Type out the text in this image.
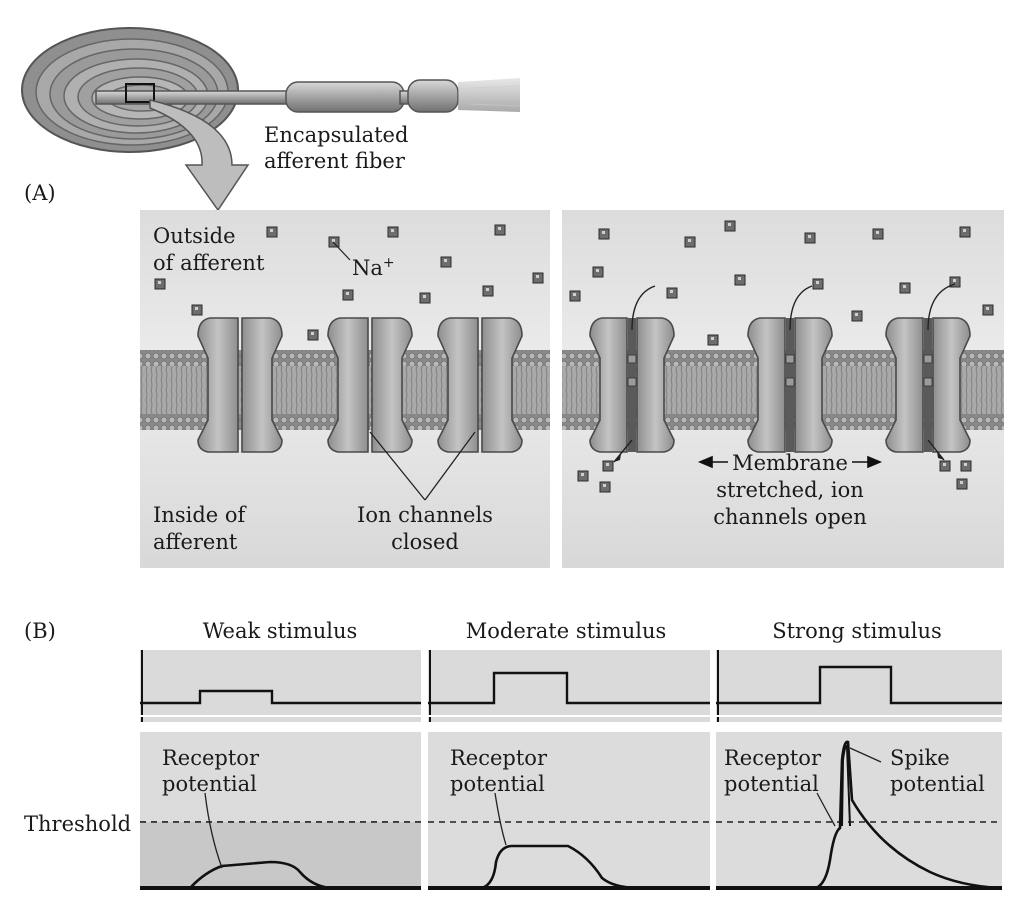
Encapsulated
afferent fiber
(A)
Outside
of afferent	Na+
Inside of
afferent
Ion channels
closed
Membrane
stretched, ion
channels open
(B)	Weak stimulus	Moderate stimulus	Strong stimulus
Threshold
Receptor
potential
Receptor
potential
Receptor
potential
Spike
potential
